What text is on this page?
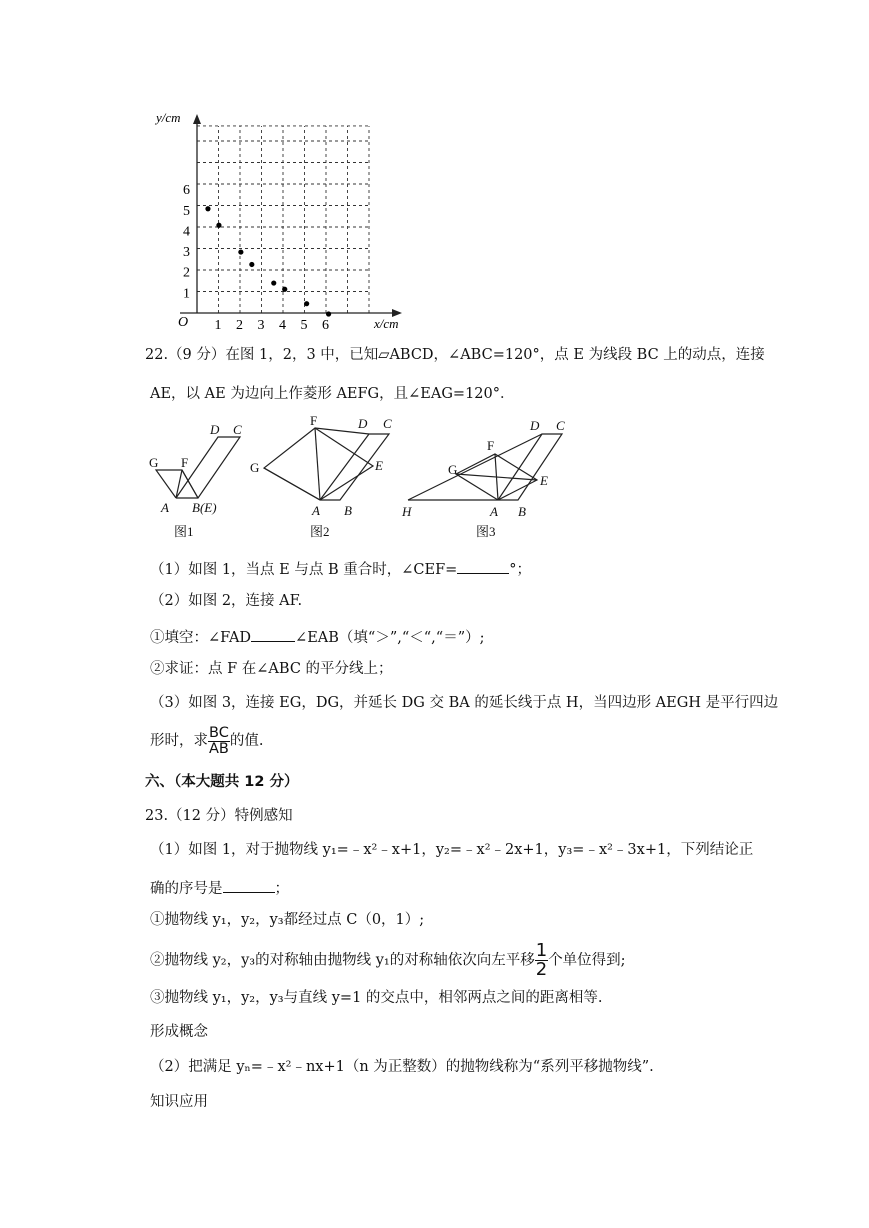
y/cm
x/cm
O
1
2
3
4
5
6
1 2 3 4 5 6
22.（9 分）在图 1，2，3 中，已知▱ABCD，∠ABC=120°，点 E 为线段 BC 上的动点，连接
AE，以 AE 为边向上作菱形 AEFG，且∠EAG=120°．
D C
G F
A B(E)
图1
F	D C
G	E
A B
图2
D C
F
G
E
H	A B
图3
（1）如图 1，当点 E 与点 B 重合时，∠CEF=	°；
（2）如图 2，连接 AF.
①填空：∠FAD	∠EAB（填“＞”,“＜“,“＝”）;
②求证：点 F 在∠ABC 的平分线上；
（3）如图 3，连接 EG，DG，并延长 DG 交 BA 的延长线于点 H，当四边形 AEGH 是平行四边
形时，求 $\frac{BC}{AB}$ 的值.
六、（本大题共 12 分）
23.（12 分）特例感知
（1）如图 1，对于抛物线 y₁=﹣x²﹣x+1，y₂=﹣x²﹣2x+1，y₃=﹣x²﹣3x+1，下列结论正
确的序号是	；
①抛物线 y₁，y₂，y₃都经过点 C（0，1）;
②抛物线 y₂，y₃的对称轴由抛物线 y₁的对称轴依次向左平移 $\frac{1}{2}$ 个单位得到;
③抛物线 y₁，y₂，y₃与直线 y=1 的交点中，相邻两点之间的距离相等.
形成概念
（2）把满足 yₙ=﹣x²﹣nx+1（n 为正整数）的抛物线称为“系列平移抛物线”.
知识应用
